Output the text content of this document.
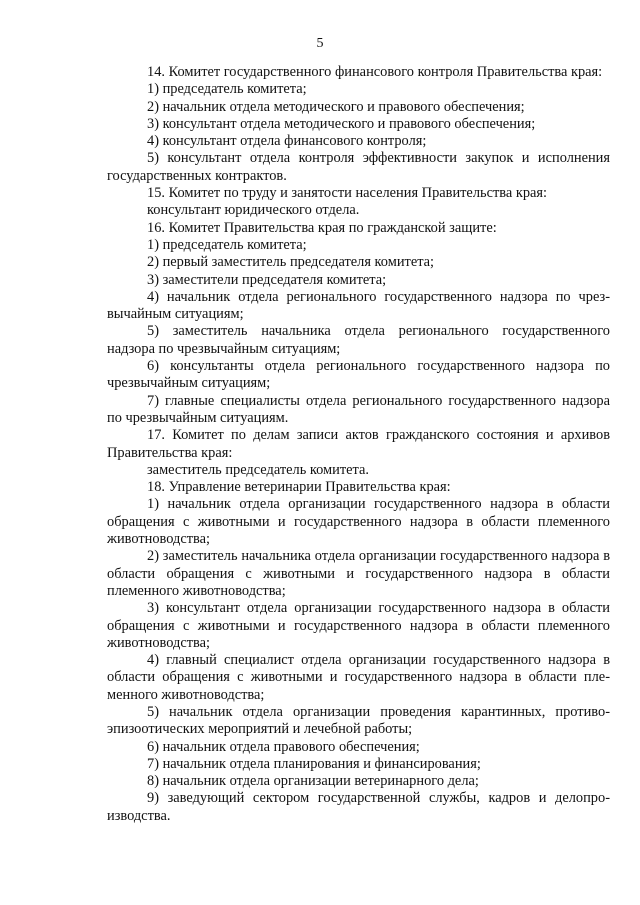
5

14. Комитет государственного финансового контроля Правительства края:

1) председатель комитета;

2) начальник отдела методического и правового обеспечения;

3) консультант отдела методического и правового обеспечения;

4) консультант отдела финансового контроля;

5) консультант отдела контроля эффективности закупок и исполнения государственных контрактов.

15. Комитет по труду и занятости населения Правительства края:

консультант юридического отдела.

16. Комитет Правительства края по гражданской защите:

1) председатель комитета;

2) первый заместитель председателя комитета;

3) заместители председателя комитета;

4) начальник отдела регионального государственного надзора по чрезвычайным ситуациям;

5) заместитель начальника отдела регионального государственного надзора по чрезвычайным ситуациям;

6) консультанты отдела регионального государственного надзора по чрезвычайным ситуациям;

7) главные специалисты отдела регионального государственного надзора по чрезвычайным ситуациям.

17. Комитет по делам записи актов гражданского состояния и архивов Правительства края:

заместитель председатель комитета.

18. Управление ветеринарии Правительства края:

1) начальник отдела организации государственного надзора в области обращения с животными и государственного надзора в области племенного животноводства;

2) заместитель начальника отдела организации государственного надзора в области обращения с животными и государственного надзора в области племенного животноводства;

3) консультант отдела организации государственного надзора в области обращения с животными и государственного надзора в области племенного животноводства;

4) главный специалист отдела организации государственного надзора в области обращения с животными и государственного надзора в области племенного животноводства;

5) начальник отдела организации проведения карантинных, противоэпизоотических мероприятий и лечебной работы;

6) начальник отдела правового обеспечения;

7) начальник отдела планирования и финансирования;

8) начальник отдела организации ветеринарного дела;

9) заведующий сектором государственной службы, кадров и делопроизводства.
